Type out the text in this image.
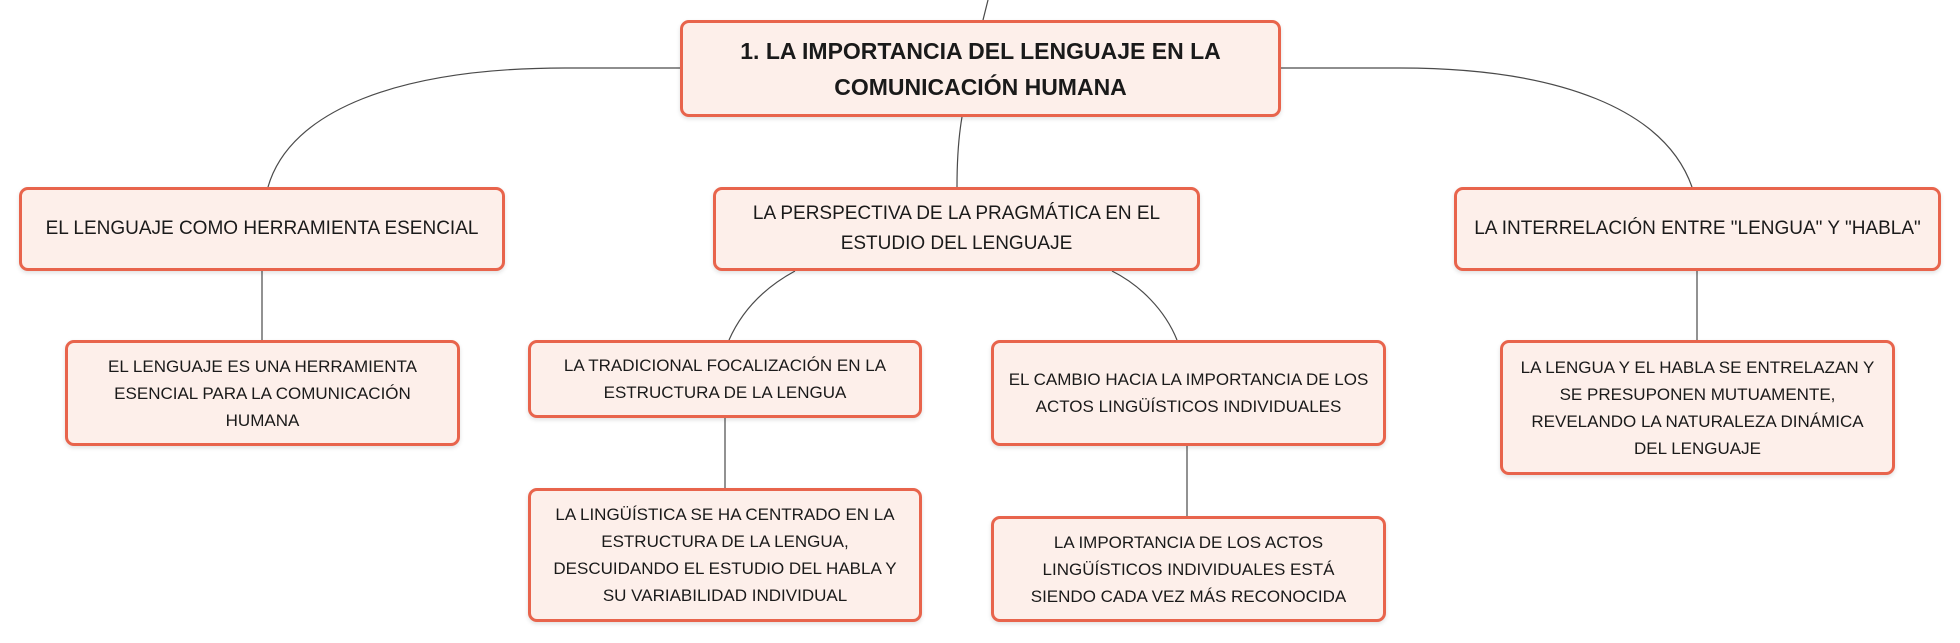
1. LA IMPORTANCIA DEL LENGUAJE EN LA COMUNICACIÓN HUMANA
EL LENGUAJE COMO HERRAMIENTA ESENCIAL
LA PERSPECTIVA DE LA PRAGMÁTICA EN EL ESTUDIO DEL LENGUAJE
LA INTERRELACIÓN ENTRE "LENGUA" Y "HABLA"
EL LENGUAJE ES UNA HERRAMIENTA ESENCIAL PARA LA COMUNICACIÓN HUMANA
LA TRADICIONAL FOCALIZACIÓN EN LA ESTRUCTURA DE LA LENGUA
EL CAMBIO HACIA LA IMPORTANCIA DE LOS ACTOS LINGÜÍSTICOS INDIVIDUALES
LA LENGUA Y EL HABLA SE ENTRELAZAN Y SE PRESUPONEN MUTUAMENTE, REVELANDO LA NATURALEZA DINÁMICA DEL LENGUAJE
LA LINGÜÍSTICA SE HA CENTRADO EN LA ESTRUCTURA DE LA LENGUA, DESCUIDANDO EL ESTUDIO DEL HABLA Y SU VARIABILIDAD INDIVIDUAL
LA IMPORTANCIA DE LOS ACTOS LINGÜÍSTICOS INDIVIDUALES ESTÁ SIENDO CADA VEZ MÁS RECONOCIDA
